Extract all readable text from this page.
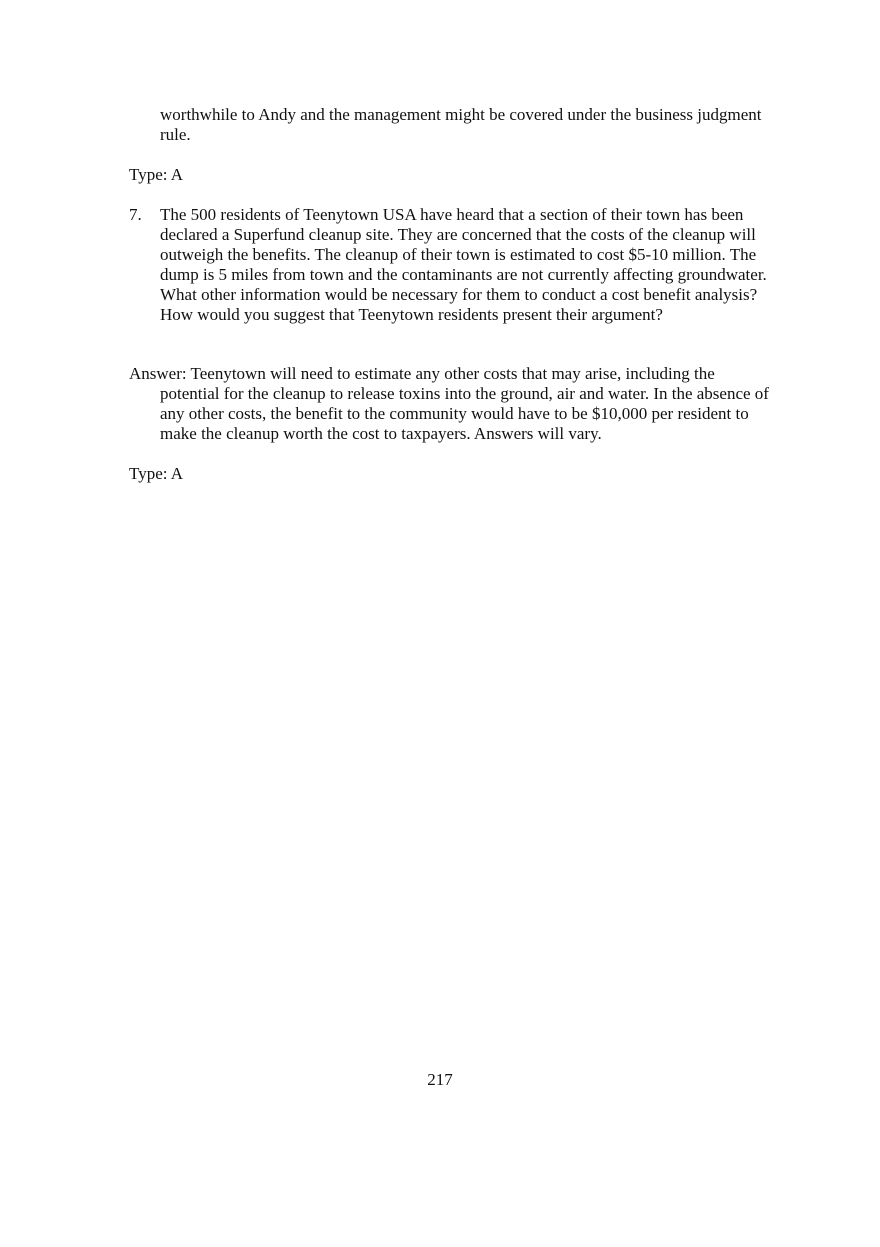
worthwhile to Andy and the management might be covered under the business judgment rule.

Type: A

7. The 500 residents of Teenytown USA have heard that a section of their town has been declared a Superfund cleanup site. They are concerned that the costs of the cleanup will outweigh the benefits. The cleanup of their town is estimated to cost $5-10 million. The dump is 5 miles from town and the contaminants are not currently affecting groundwater. What other information would be necessary for them to conduct a cost benefit analysis? How would you suggest that Teenytown residents present their argument?

Answer: Teenytown will need to estimate any other costs that may arise, including the potential for the cleanup to release toxins into the ground, air and water. In the absence of any other costs, the benefit to the community would have to be $10,000 per resident to make the cleanup worth the cost to taxpayers. Answers will vary.

Type: A

217
